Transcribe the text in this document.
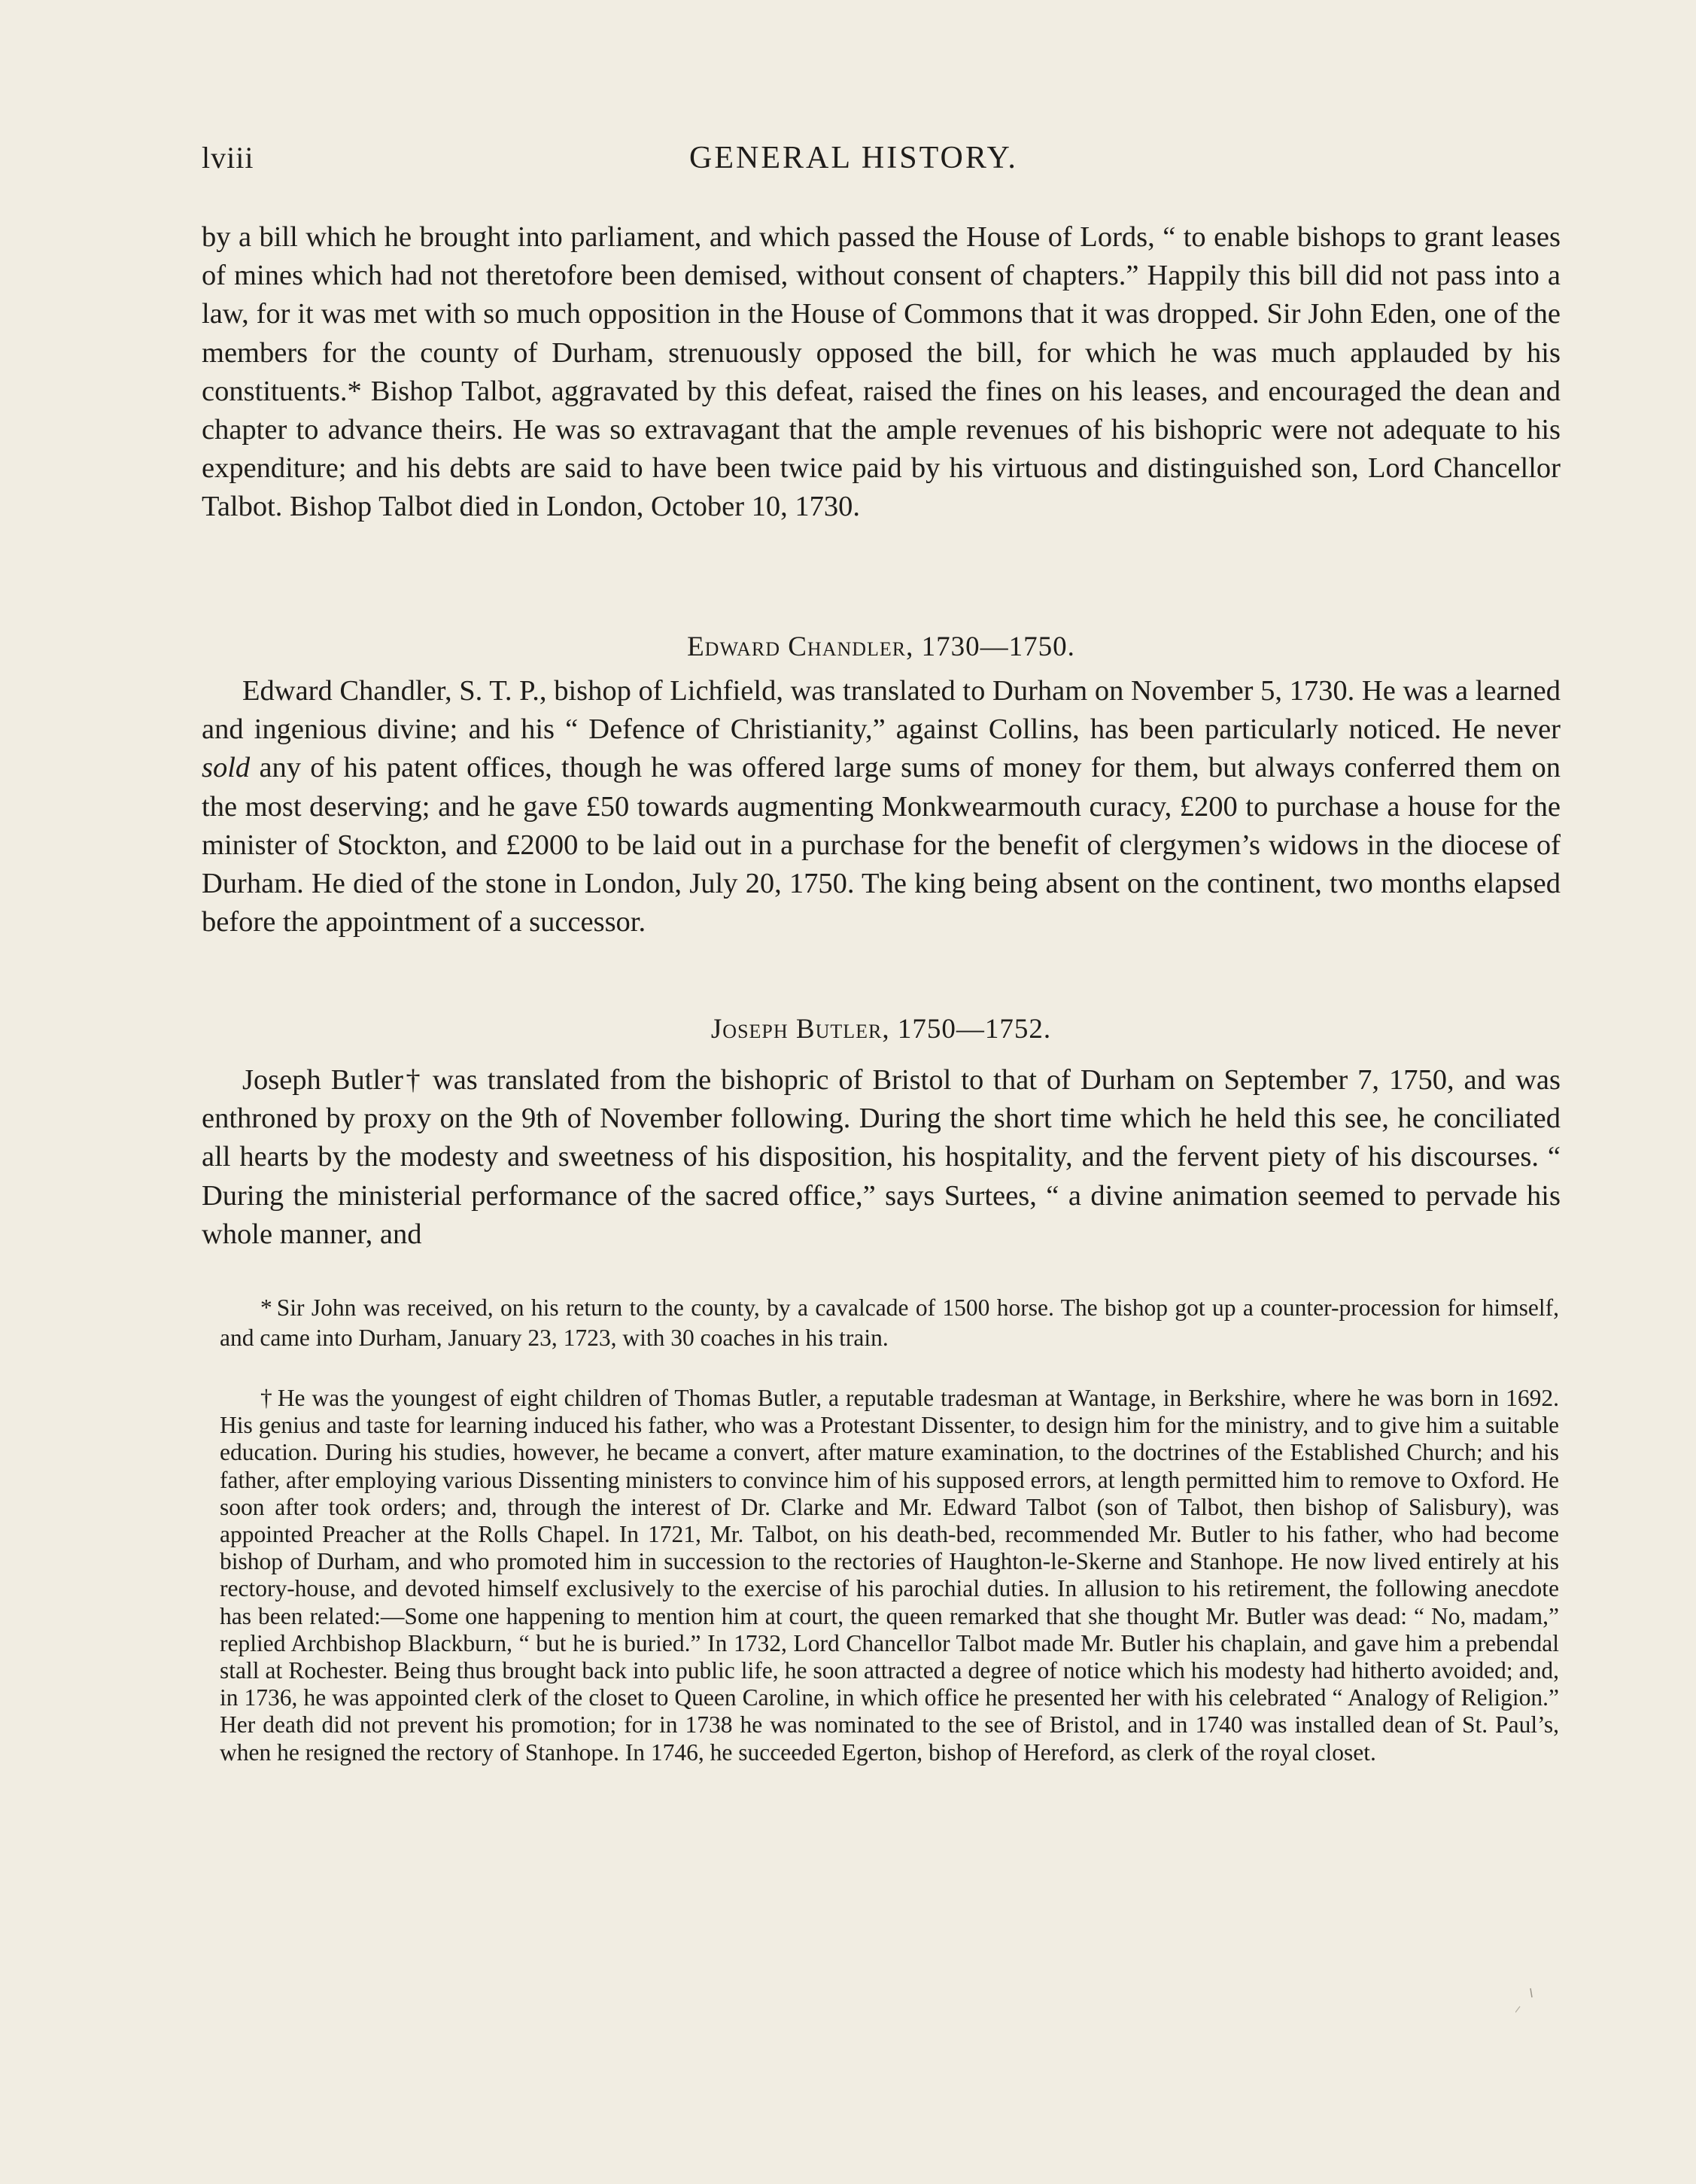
lviii	GENERAL HISTORY.

by a bill which he brought into parliament, and which passed the House of Lords, “ to enable bishops to grant leases of mines which had not theretofore been demised, without consent of chapters.” Happily this bill did not pass into a law, for it was met with so much opposition in the House of Commons that it was dropped. Sir John Eden, one of the members for the county of Durham, strenuously opposed the bill, for which he was much applauded by his constituents.* Bishop Talbot, aggravated by this defeat, raised the fines on his leases, and encouraged the dean and chapter to advance theirs. He was so extravagant that the ample revenues of his bishopric were not adequate to his expenditure; and his debts are said to have been twice paid by his virtuous and distinguished son, Lord Chancellor Talbot. Bishop Talbot died in London, October 10, 1730.

Edward Chandler, 1730—1750.

Edward Chandler, S. T. P., bishop of Lichfield, was translated to Durham on November 5, 1730. He was a learned and ingenious divine; and his “ Defence of Christianity,” against Collins, has been particularly noticed. He never sold any of his patent offices, though he was offered large sums of money for them, but always conferred them on the most deserving; and he gave £50 towards augmenting Monkwearmouth curacy, £200 to purchase a house for the minister of Stockton, and £2000 to be laid out in a purchase for the benefit of clergymen’s widows in the diocese of Durham. He died of the stone in London, July 20, 1750. The king being absent on the continent, two months elapsed before the appointment of a successor.

Joseph Butler, 1750—1752.

Joseph Butler† was translated from the bishopric of Bristol to that of Durham on September 7, 1750, and was enthroned by proxy on the 9th of November following. During the short time which he held this see, he conciliated all hearts by the modesty and sweetness of his disposition, his hospitality, and the fervent piety of his discourses. “ During the ministerial performance of the sacred office,” says Surtees, “ a divine animation seemed to pervade his whole manner, and

* Sir John was received, on his return to the county, by a cavalcade of 1500 horse. The bishop got up a counter-procession for himself, and came into Durham, January 23, 1723, with 30 coaches in his train.

† He was the youngest of eight children of Thomas Butler, a reputable tradesman at Wantage, in Berkshire, where he was born in 1692. His genius and taste for learning induced his father, who was a Protestant Dissenter, to design him for the ministry, and to give him a suitable education. During his studies, however, he became a convert, after mature examination, to the doctrines of the Established Church; and his father, after employing various Dissenting ministers to convince him of his supposed errors, at length permitted him to remove to Oxford. He soon after took orders; and, through the interest of Dr. Clarke and Mr. Edward Talbot (son of Talbot, then bishop of Salisbury), was appointed Preacher at the Rolls Chapel. In 1721, Mr. Talbot, on his death-bed, recommended Mr. Butler to his father, who had become bishop of Durham, and who promoted him in succession to the rectories of Haughton-le-Skerne and Stanhope. He now lived entirely at his rectory-house, and devoted himself exclusively to the exercise of his parochial duties. In allusion to his retirement, the following anecdote has been related:—Some one happening to mention him at court, the queen remarked that she thought Mr. Butler was dead: “ No, madam,” replied Archbishop Blackburn, “ but he is buried.” In 1732, Lord Chancellor Talbot made Mr. Butler his chaplain, and gave him a prebendal stall at Rochester. Being thus brought back into public life, he soon attracted a degree of notice which his modesty had hitherto avoided; and, in 1736, he was appointed clerk of the closet to Queen Caroline, in which office he presented her with his celebrated “ Analogy of Religion.” Her death did not prevent his promotion; for in 1738 he was nominated to the see of Bristol, and in 1740 was installed dean of St. Paul’s, when he resigned the rectory of Stanhope. In 1746, he succeeded Egerton, bishop of Hereford, as clerk of the royal closet.
